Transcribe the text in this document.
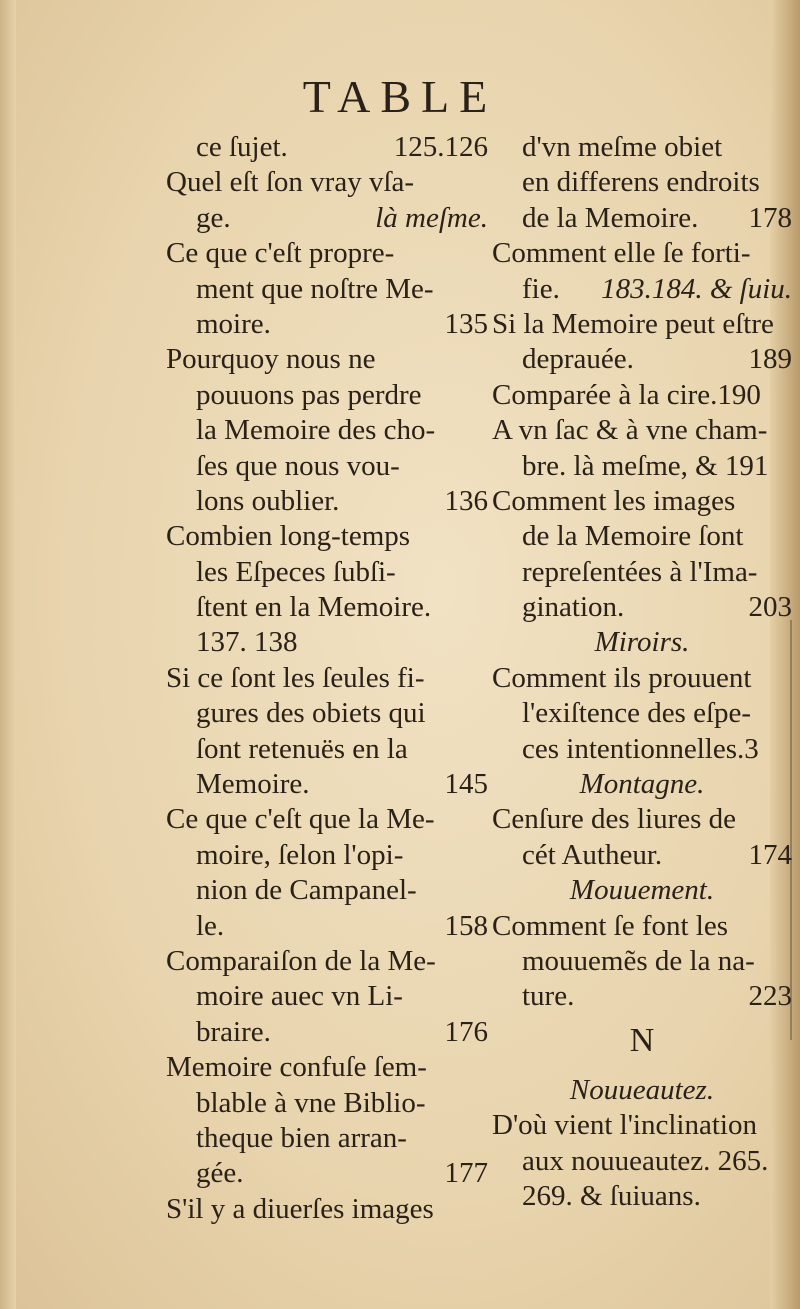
TABLE
ce ſujet.	125.126
Quel eſt ſon vray vſa-
ge.	là meſme.
Ce que c'eſt propre-
ment que noſtre Me-
moire.	135
Pourquoy nous ne
pouuons pas perdre
la Memoire des cho-
ſes que nous vou-
lons oublier.	136
Combien long-temps
les Eſpeces ſubſi-
ſtent en la Memoire.
137. 138
Si ce ſont les ſeules fi-
gures des obiets qui
ſont retenuës en la
Memoire.	145
Ce que c'eſt que la Me-
moire, ſelon l'opi-
nion de Campanel-
le.	158
Comparaiſon de la Me-
moire auec vn Li-
braire.	176
Memoire confuſe ſem-
blable à vne Biblio-
theque bien arran-
gée.	177
S'il y a diuerſes images
d'vn meſme obiet
en differens endroits
de la Memoire. 178
Comment elle ſe forti-
fie. 183.184. & ſuiu.
Si la Memoire peut eſtre
deprauée.	189
Comparée à la cire.190
A vn ſac & à vne cham-
bre. là meſme, & 191
Comment les images
de la Memoire ſont
repreſentées à l'Ima-
gination.	203
Miroirs.
Comment ils prouuent
l'exiſtence des eſpe-
ces intentionnelles.3
Montagne.
Cenſure des liures de
cét Autheur.	174
Mouuement.
Comment ſe font les
mouuemẽs de la na-
ture.	223
N
Nouueautez.
D'où vient l'inclination
aux nouueautez. 265.
269. & ſuiuans.
